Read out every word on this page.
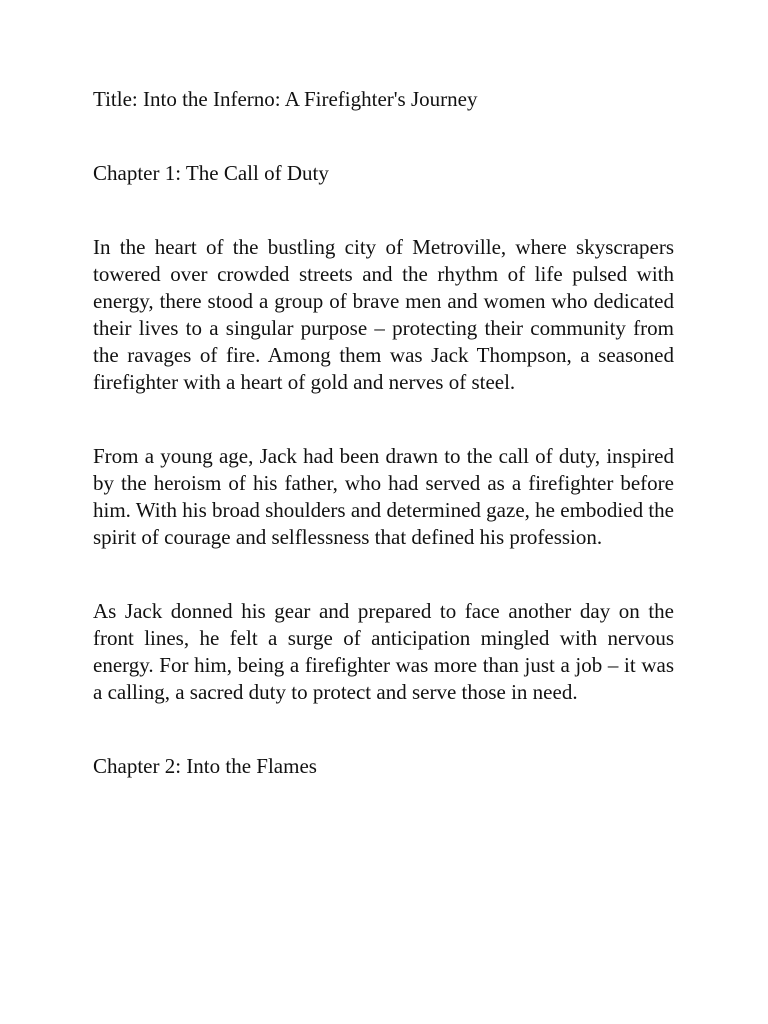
Title: Into the Inferno: A Firefighter's Journey

Chapter 1: The Call of Duty

In the heart of the bustling city of Metroville, where skyscrapers towered over crowded streets and the rhythm of life pulsed with energy, there stood a group of brave men and women who dedicated their lives to a singular purpose – protecting their community from the ravages of fire. Among them was Jack Thompson, a seasoned firefighter with a heart of gold and nerves of steel.

From a young age, Jack had been drawn to the call of duty, inspired by the heroism of his father, who had served as a firefighter before him. With his broad shoulders and determined gaze, he embodied the spirit of courage and selflessness that defined his profession.

As Jack donned his gear and prepared to face another day on the front lines, he felt a surge of anticipation mingled with nervous energy. For him, being a firefighter was more than just a job – it was a calling, a sacred duty to protect and serve those in need.

Chapter 2: Into the Flames
